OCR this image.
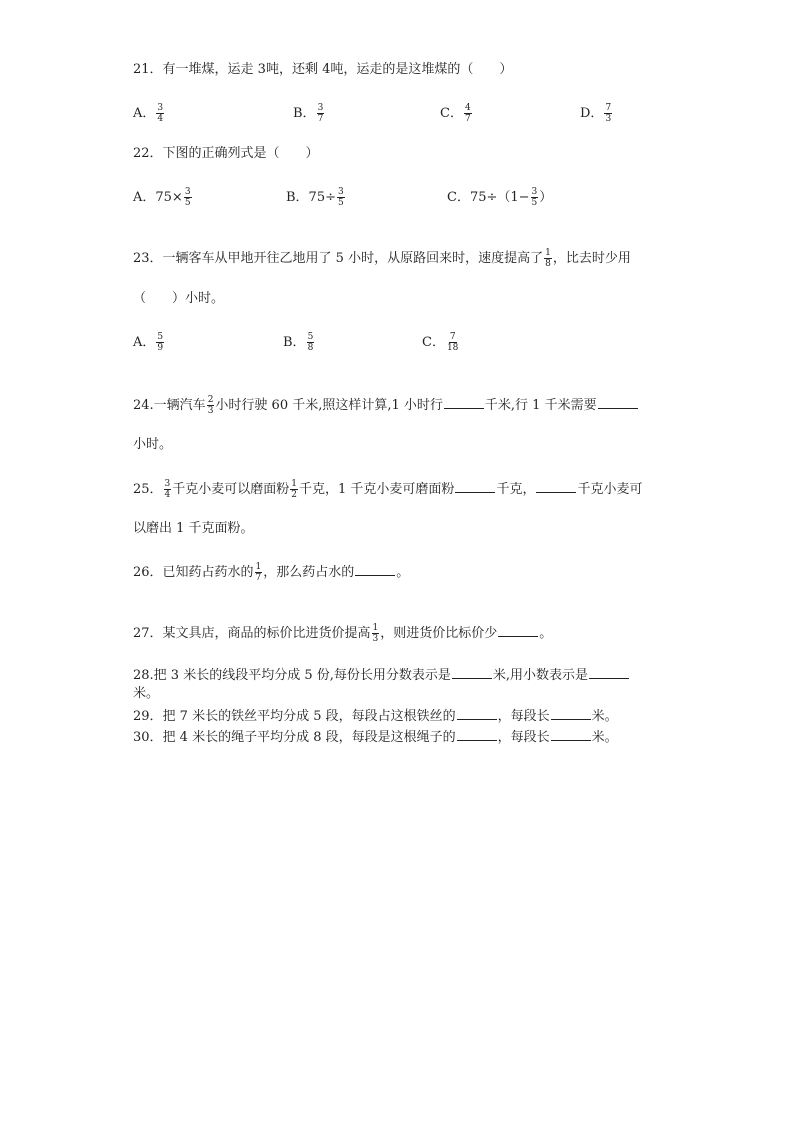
21．有一堆煤，运走 3吨，还剩 4吨，运走的是这堆煤的（　　）
A． $\frac{3}{4}$	B． $\frac{3}{7}$	C． $\frac{4}{7}$	D． $\frac{7}{3}$
22．下图的正确列式是（　　）
A．$75\times \frac{3}{5}$	B．$75\div \frac{3}{5}$	C．$75\div(1- \frac{3}{5}$ ）
23．一辆客车从甲地开往乙地用了 5 小时，从原路回来时，速度提高了 $\frac{1}{8}$ ，比去时少用
（　　）小时。
A． $\frac{5}{9}$	B． $\frac{5}{8}$	C． $\frac{7}{18}$
24.一辆汽车 $\frac{2}{3}$ 小时行驶 60 千米,照这样计算,1 小时行	千米,行 1 千米需要
小时。
25． $\frac{3}{4}$ 千克小麦可以磨面粉 $\frac{1}{2}$ 千克，1 千克小麦可磨面粉	千克，	千克小麦可
以磨出 1 千克面粉。
26．已知药占药水的 $\frac{1}{7}$ ，那么药占水的	。
27．某文具店，商品的标价比进货价提高 $\frac{1}{3}$ ，则进货价比标价少	。
28.把 3 米长的线段平均分成 5 份,每份长用分数表示是	米,用小数表示是
米。
29．把 7 米长的铁丝平均分成 5 段，每段占这根铁丝的	，每段长	米。
30．把 4 米长的绳子平均分成 8 段，每段是这根绳子的	，每段长	米。
